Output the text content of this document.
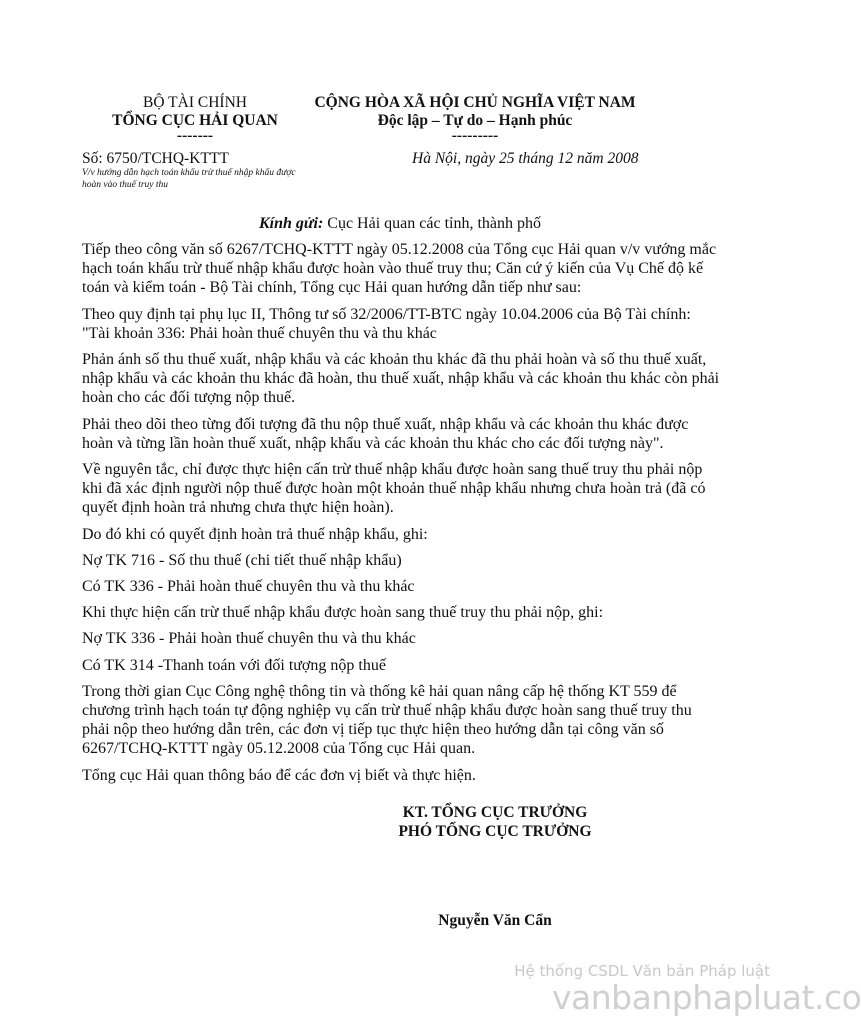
BỘ TÀI CHÍNH
TỔNG CỤC HẢI QUAN
-------
CỘNG HÒA XÃ HỘI CHỦ NGHĨA VIỆT NAM
Độc lập – Tự do – Hạnh phúc
---------
Số: 6750/TCHQ-KTTT	Hà Nội, ngày 25 tháng 12 năm 2008
V/v hướng dẫn hạch toán khấu trừ thuế nhập khẩu được hoàn vào thuế truy thu
Kính gửi: Cục Hải quan các tỉnh, thành phố

Tiếp theo công văn số 6267/TCHQ-KTTT ngày 05.12.2008 của Tổng cục Hải quan v/v vướng mắc hạch toán khấu trừ thuế nhập khẩu được hoàn vào thuế truy thu; Căn cứ ý kiến của Vụ Chế độ kế toán và kiểm toán - Bộ Tài chính, Tổng cục Hải quan hướng dẫn tiếp như sau:

Theo quy định tại phụ lục II, Thông tư số 32/2006/TT-BTC ngày 10.04.2006 của Bộ Tài chính: "Tài khoản 336: Phải hoàn thuế chuyên thu và thu khác

Phản ánh số thu thuế xuất, nhập khẩu và các khoản thu khác đã thu phải hoàn và số thu thuế xuất, nhập khẩu và các khoản thu khác đã hoàn, thu thuế xuất, nhập khẩu và các khoản thu khác còn phải hoàn cho các đối tượng nộp thuế.

Phải theo dõi theo từng đối tượng đã thu nộp thuế xuất, nhập khẩu và các khoản thu khác được hoàn và từng lần hoàn thuế xuất, nhập khẩu và các khoản thu khác cho các đối tượng này".

Về nguyên tắc, chỉ được thực hiện cấn trừ thuế nhập khẩu được hoàn sang thuế truy thu phải nộp khi đã xác định người nộp thuế được hoàn một khoản thuế nhập khẩu nhưng chưa hoàn trả (đã có quyết định hoàn trả nhưng chưa thực hiện hoàn).

Do đó khi có quyết định hoàn trả thuế nhập khẩu, ghi:

Nợ TK 716 - Số thu thuế (chi tiết thuế nhập khẩu)

Có TK 336 - Phải hoàn thuế chuyên thu và thu khác

Khi thực hiện cấn trừ thuế nhập khẩu được hoàn sang thuế truy thu phải nộp, ghi:

Nợ TK 336 - Phải hoàn thuế chuyên thu và thu khác

Có TK 314 -Thanh toán với đối tượng nộp thuế

Trong thời gian Cục Công nghệ thông tin và thống kê hải quan nâng cấp hệ thống KT 559 để chương trình hạch toán tự động nghiệp vụ cấn trừ thuế nhập khẩu được hoàn sang thuế truy thu phải nộp theo hướng dẫn trên, các đơn vị tiếp tục thực hiện theo hướng dẫn tại công văn số 6267/TCHQ-KTTT ngày 05.12.2008 của Tổng cục Hải quan.

Tổng cục Hải quan thông báo để các đơn vị biết và thực hiện.

KT. TỔNG CỤC TRƯỞNG
PHÓ TỔNG CỤC TRƯỞNG
Nguyễn Văn Cẩn
Hệ thống CSDL Văn bản Pháp luật
vanbanphapluat.co
